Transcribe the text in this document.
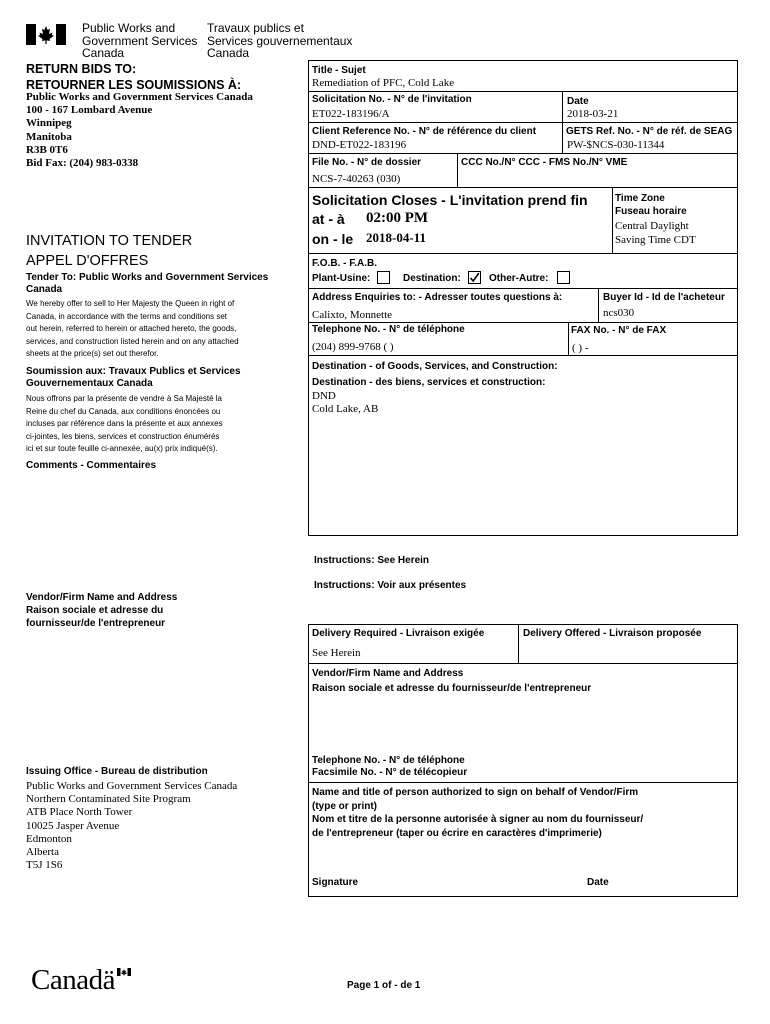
Public Works and
Government Services
Canada
Travaux publics et
Services gouvernementaux
Canada
RETURN BIDS TO:
RETOURNER LES SOUMISSIONS À:
Public Works and Government Services Canada
100 - 167 Lombard Avenue
Winnipeg
Manitoba
R3B 0T6
Bid Fax: (204) 983-0338
INVITATION TO TENDER
APPEL D'OFFRES
Tender To: Public Works and Government Services Canada
We hereby offer to sell to Her Majesty the Queen in right of
Canada, in accordance with the terms and conditions set
out herein, referred to herein or attached hereto, the goods,
services, and construction listed herein and on any attached
sheets at the price(s) set out therefor.
Soumission aux: Travaux Publics et Services Gouvernementaux Canada
Nous offrons par la présente de vendre à Sa Majesté la
Reine du chef du Canada, aux conditions énoncées ou
incluses par référence dans la présente et aux annexes
ci-jointes, les biens, services et construction énumérés
ici et sur toute feuille ci-annexée, au(x) prix indiqué(s).
Comments - Commentaires
Vendor/Firm Name and Address
Raison sociale et adresse du
fournisseur/de l'entrepreneur
Issuing Office - Bureau de distribution
Public Works and Government Services Canada
Northern Contaminated Site Program
ATB Place North Tower
10025 Jasper Avenue
Edmonton
Alberta
T5J 1S6
Title - Sujet
Remediation of PFC, Cold Lake
Solicitation No. - N° de l'invitation
ET022-183196/A
Date
2018-03-21
Client Reference No. - N° de référence du client
DND-ET022-183196
GETS Ref. No. - N° de réf. de SEAG
PW-$NCS-030-11344
File No. - N° de dossier
NCS-7-40263 (030)
CCC No./N° CCC - FMS No./N° VME
Solicitation Closes - L'invitation prend fin
at - à 02:00 PM
on - le 2018-04-11
Time Zone
Fuseau horaire
Central Daylight
Saving Time CDT
F.O.B. - F.A.B.
Plant-Usine:	Destination:	Other-Autre:
Address Enquiries to: - Adresser toutes questions à:
Calixto, Monnette
Buyer Id - Id de l'acheteur
ncs030
Telephone No. - N° de téléphone
(204) 899-9768 ( )
FAX No. - N° de FAX
( ) -
Destination - of Goods, Services, and Construction:
Destination - des biens, services et construction:
DND
Cold Lake, AB
Instructions: See Herein
Instructions: Voir aux présentes
Delivery Required - Livraison exigée
See Herein
Delivery Offered - Livraison proposée
Vendor/Firm Name and Address
Raison sociale et adresse du fournisseur/de l'entrepreneur
Telephone No. - N° de téléphone
Facsimile No. - N° de télécopieur
Name and title of person authorized to sign on behalf of Vendor/Firm
(type or print)
Nom et titre de la personne autorisée à signer au nom du fournisseur/
de l'entrepreneur (taper ou écrire en caractères d'imprimerie)
Signature	Date
Canadä	Page 1 of - de 1
